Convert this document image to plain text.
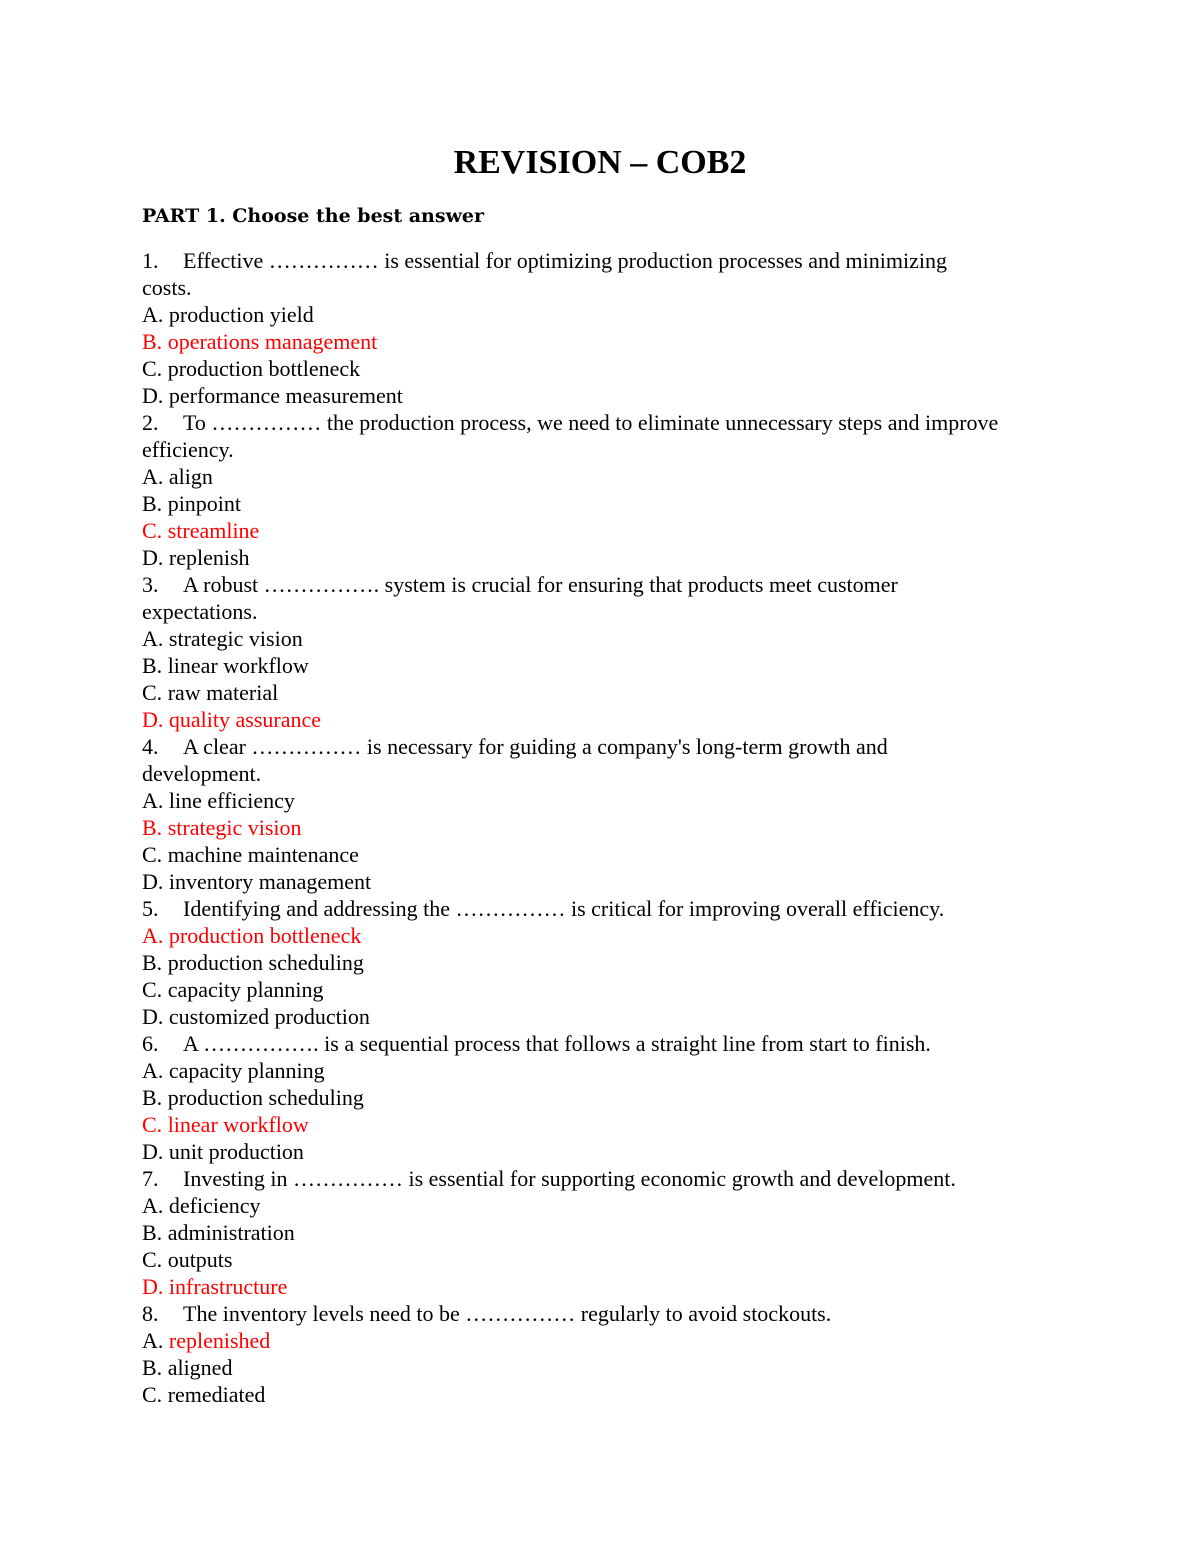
REVISION – COB2
PART 1. Choose the best answer
1. Effective …………… is essential for optimizing production processes and minimizing
costs.
A. production yield
B. operations management
C. production bottleneck
D. performance measurement
2. To …………… the production process, we need to eliminate unnecessary steps and improve
efficiency.
A. align
B. pinpoint
C. streamline
D. replenish
3. A robust ……………. system is crucial for ensuring that products meet customer
expectations.
A. strategic vision
B. linear workflow
C. raw material
D. quality assurance
4. A clear …………… is necessary for guiding a company's long-term growth and
development.
A. line efficiency
B. strategic vision
C. machine maintenance
D. inventory management
5. Identifying and addressing the …………… is critical for improving overall efficiency.
A. production bottleneck
B. production scheduling
C. capacity planning
D. customized production
6. A ……………. is a sequential process that follows a straight line from start to finish.
A. capacity planning
B. production scheduling
C. linear workflow
D. unit production
7. Investing in …………… is essential for supporting economic growth and development.
A. deficiency
B. administration
C. outputs
D. infrastructure
8. The inventory levels need to be …………… regularly to avoid stockouts.
A. replenished
B. aligned
C. remediated
